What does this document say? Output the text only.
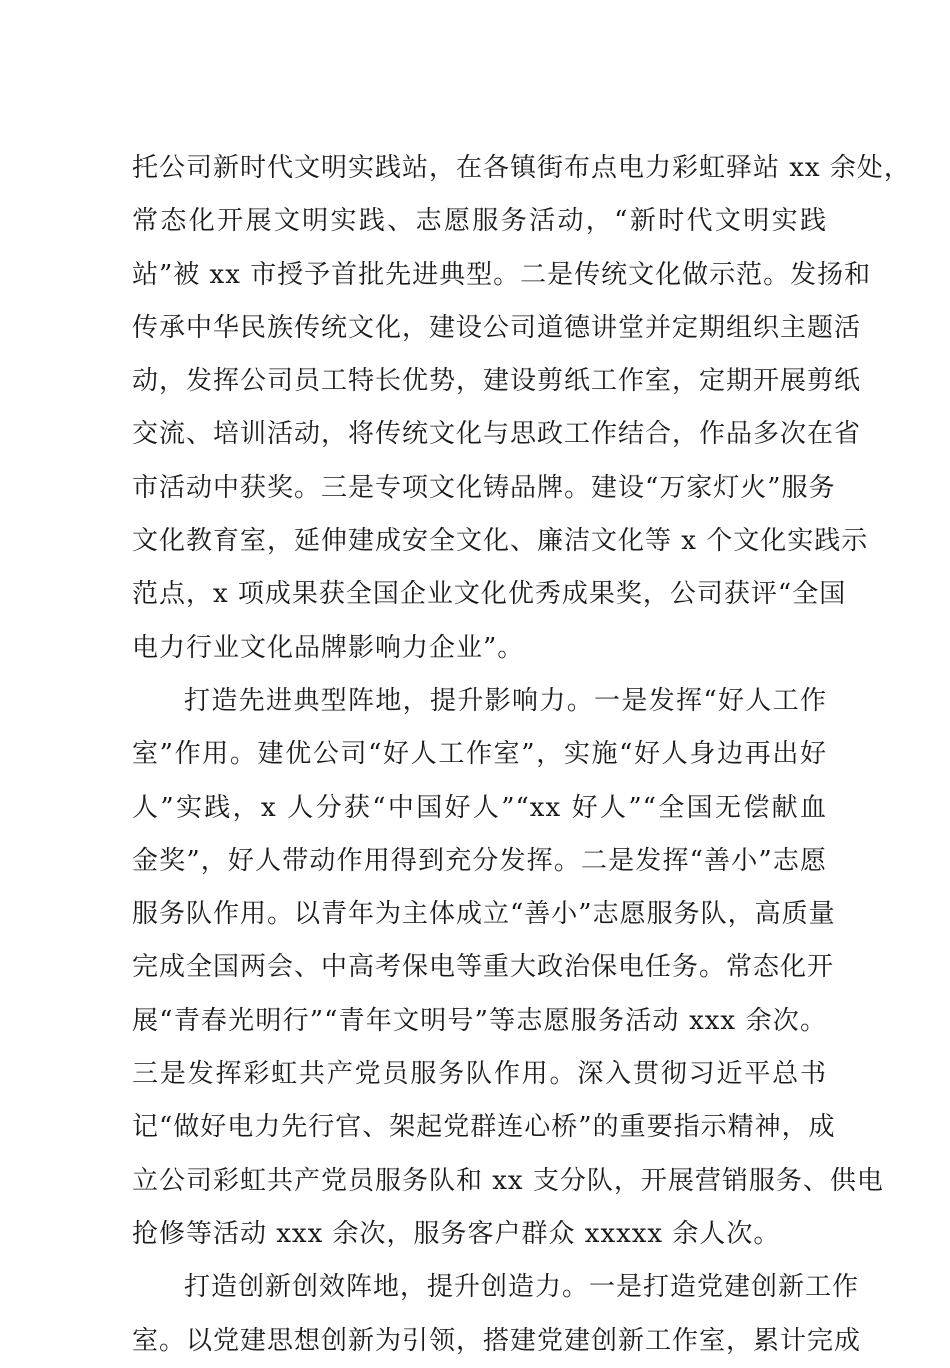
托公司新时代文明实践站，在各镇街布点电力彩虹驿站 xx 余处，
常态化开展文明实践、志愿服务活动，“新时代文明实践
站”被 xx 市授予首批先进典型。二是传统文化做示范。发扬和
传承中华民族传统文化，建设公司道德讲堂并定期组织主题活
动，发挥公司员工特长优势，建设剪纸工作室，定期开展剪纸
交流、培训活动，将传统文化与思政工作结合，作品多次在省
市活动中获奖。三是专项文化铸品牌。建设“万家灯火”服务
文化教育室，延伸建成安全文化、廉洁文化等 x 个文化实践示
范点，x 项成果获全国企业文化优秀成果奖，公司获评“全国
电力行业文化品牌影响力企业”。
打造先进典型阵地，提升影响力。一是发挥“好人工作
室”作用。建优公司“好人工作室”，实施“好人身边再出好
人”实践，x 人分获“中国好人”“xx 好人”“全国无偿献血
金奖”，好人带动作用得到充分发挥。二是发挥“善小”志愿
服务队作用。以青年为主体成立“善小”志愿服务队，高质量
完成全国两会、中高考保电等重大政治保电任务。常态化开
展“青春光明行”“青年文明号”等志愿服务活动 xxx 余次。
三是发挥彩虹共产党员服务队作用。深入贯彻习近平总书
记“做好电力先行官、架起党群连心桥”的重要指示精神，成
立公司彩虹共产党员服务队和 xx 支分队，开展营销服务、供电
抢修等活动 xxx 余次，服务客户群众 xxxxx 余人次。
打造创新创效阵地，提升创造力。一是打造党建创新工作
室。以党建思想创新为引领，搭建党建创新工作室，累计完成
